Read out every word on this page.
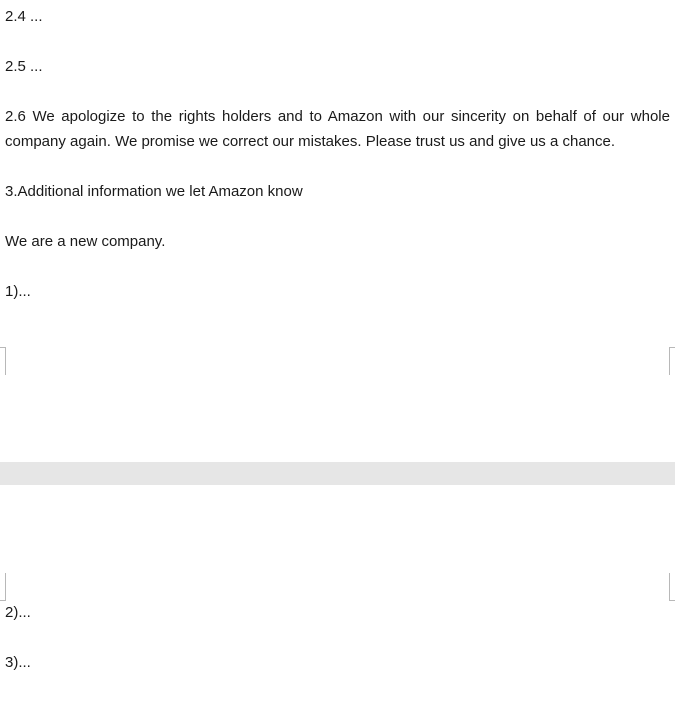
2.4 ...

2.5 ...

2.6 We apologize to the rights holders and to Amazon with our sincerity on behalf of our whole company again. We promise we correct our mistakes. Please trust us and give us a chance.

3.Additional information we let Amazon know

We are a new company.

1)...

2)...

3)...
